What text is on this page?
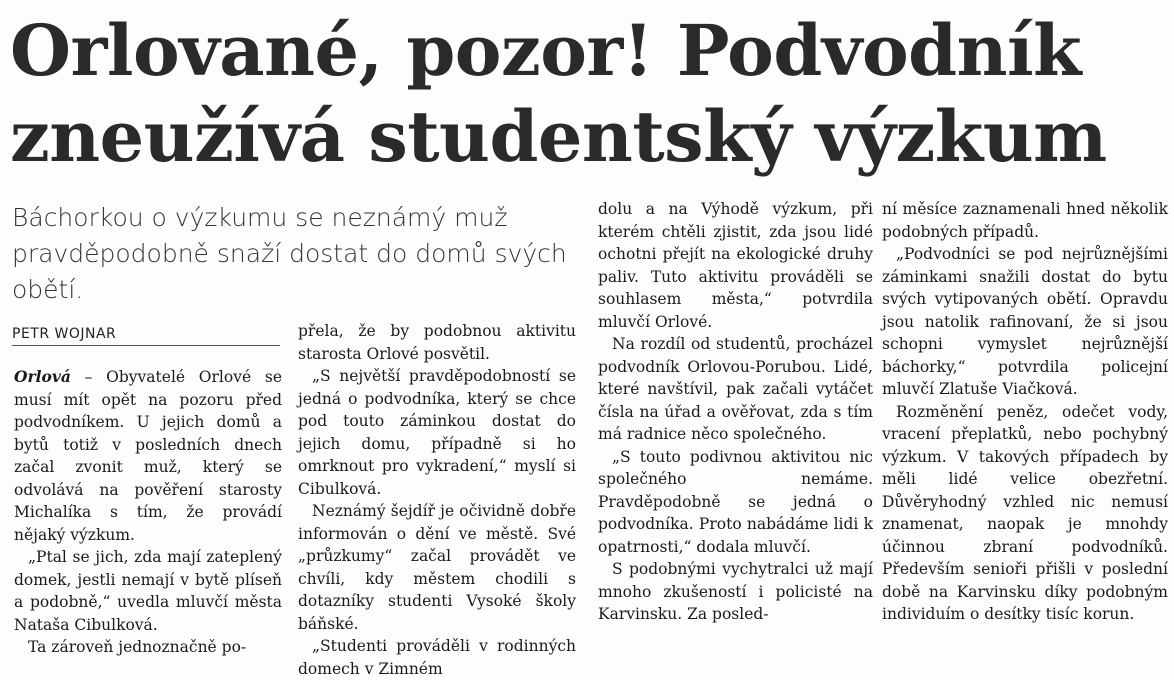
Orlované, pozor! Podvodník
zneužívá studentský výzkum
Báchorkou o výzkumu se neznámý muž pravděpodobně snaží dostat do domů svých obětí.
PETR WOJNAR

Orlová – Obyvatelé Orlové se musí mít opět na pozoru před podvodníkem. U jejich domů a bytů totiž v posledních dnech začal zvonit muž, který se odvolává na pověření starosty Michalíka s tím, že provádí nějaký výzkum.

„Ptal se jich, zda mají zateplený domek, jestli nemají v bytě plíseň a podobně,“ uvedla mluvčí města Nataša Cibulková.

Ta zároveň jednoznačně po-

přela, že by podobnou aktivitu starosta Orlové posvětil.

„S největší pravděpodobností se jedná o podvodníka, který se chce pod touto záminkou dostat do jejich domu, případně si ho omrknout pro vykradení,“ myslí si Cibulková.

Neznámý šejdíř je očividně dobře informován o dění ve městě. Své „průzkumy“ začal provádět ve chvíli, kdy městem chodili s dotazníky studenti Vysoké školy báňské.

„Studenti prováděli v rodinných domech v Zimném

dolu a na Výhodě výzkum, při kterém chtěli zjistit, zda jsou lidé ochotni přejít na ekologické druhy paliv. Tuto aktivitu prováděli se souhlasem města,“ potvrdila mluvčí Orlové.

Na rozdíl od studentů, procházel podvodník Orlovou-Porubou. Lidé, které navštívil, pak začali vytáčet čísla na úřad a ověřovat, zda s tím má radnice něco společného.

„S touto podivnou aktivitou nic společného nemáme. Pravděpodobně se jedná o podvodníka. Proto nabádáme lidi k opatrnosti,“ dodala mluvčí.

S podobnými vychytralci už mají mnoho zkušeností i policisté na Karvinsku. Za posled-

ní měsíce zaznamenali hned několik podobných případů.

„Podvodníci se pod nejrůznějšími záminkami snažili dostat do bytu svých vytipovaných obětí. Opravdu jsou natolik rafinovaní, že si jsou schopni vymyslet nejrůznější báchorky,“ potvrdila policejní mluvčí Zlatuše Viačková.

Rozměnění peněz, odečet vody, vracení přeplatků, nebo pochybný výzkum. V takových případech by měli lidé velice obezřetní. Důvěryhodný vzhled nic nemusí znamenat, naopak je mnohdy účinnou zbraní podvodníků. Především senioři přišli v poslední době na Karvinsku díky podobným individuím o desítky tisíc korun.
